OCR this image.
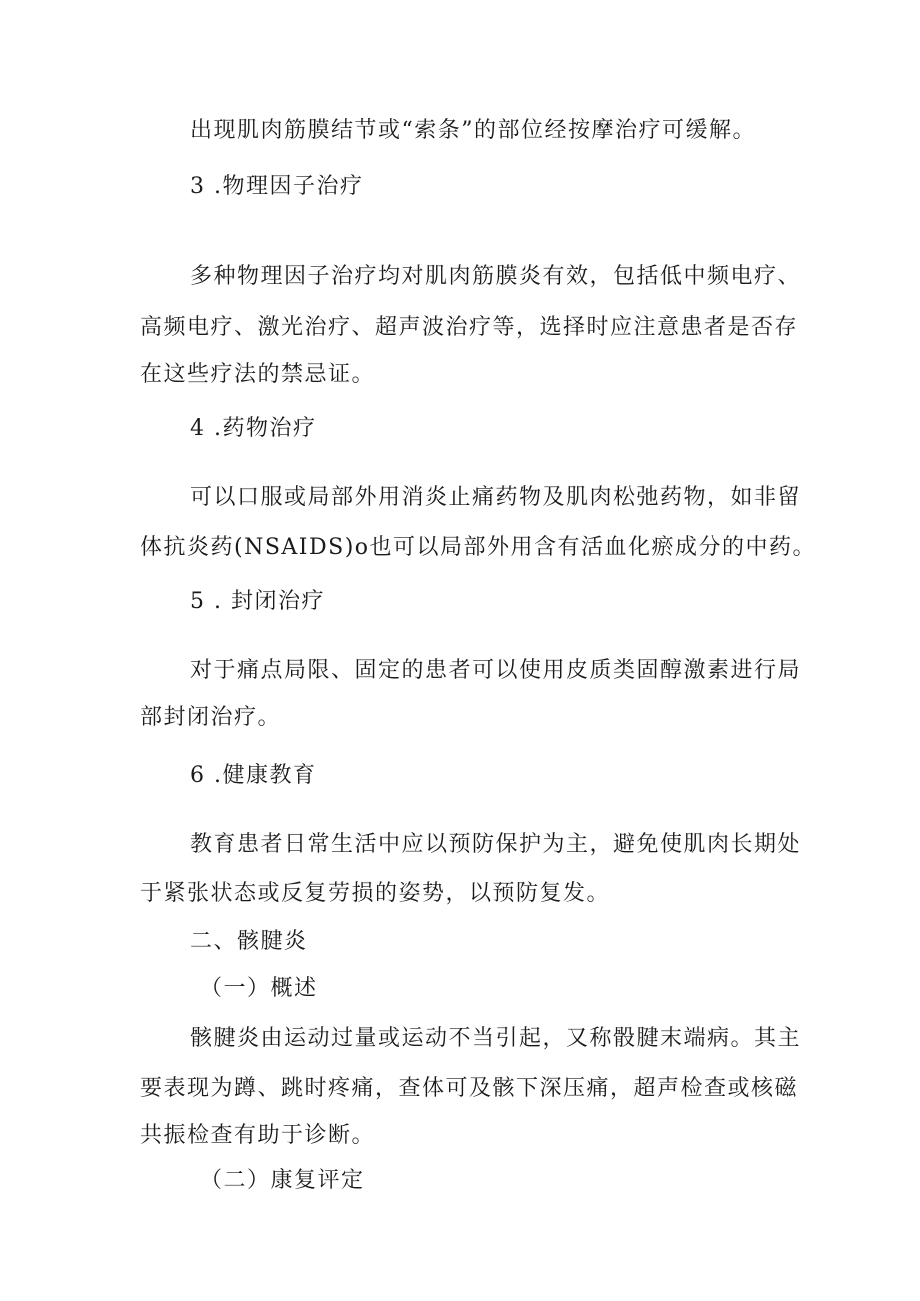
出现肌肉筋膜结节或“索条”的部位经按摩治疗可缓解。
3 .物理因子治疗
多种物理因子治疗均对肌肉筋膜炎有效，包括低中频电疗、
高频电疗、激光治疗、超声波治疗等，选择时应注意患者是否存
在这些疗法的禁忌证。
4 .药物治疗
可以口服或局部外用消炎止痛药物及肌肉松弛药物，如非留
体抗炎药(NSAIDS)o也可以局部外用含有活血化瘀成分的中药。
5 . 封闭治疗
对于痛点局限、固定的患者可以使用皮质类固醇激素进行局
部封闭治疗。
6 .健康教育
教育患者日常生活中应以预防保护为主，避免使肌肉长期处
于紧张状态或反复劳损的姿势，以预防复发。
二、骸腱炎
（一）概述
骸腱炎由运动过量或运动不当引起，又称骰腱末端病。其主
要表现为蹲、跳时疼痛，查体可及骸下深压痛，超声检查或核磁
共振检查有助于诊断。
（二）康复评定
